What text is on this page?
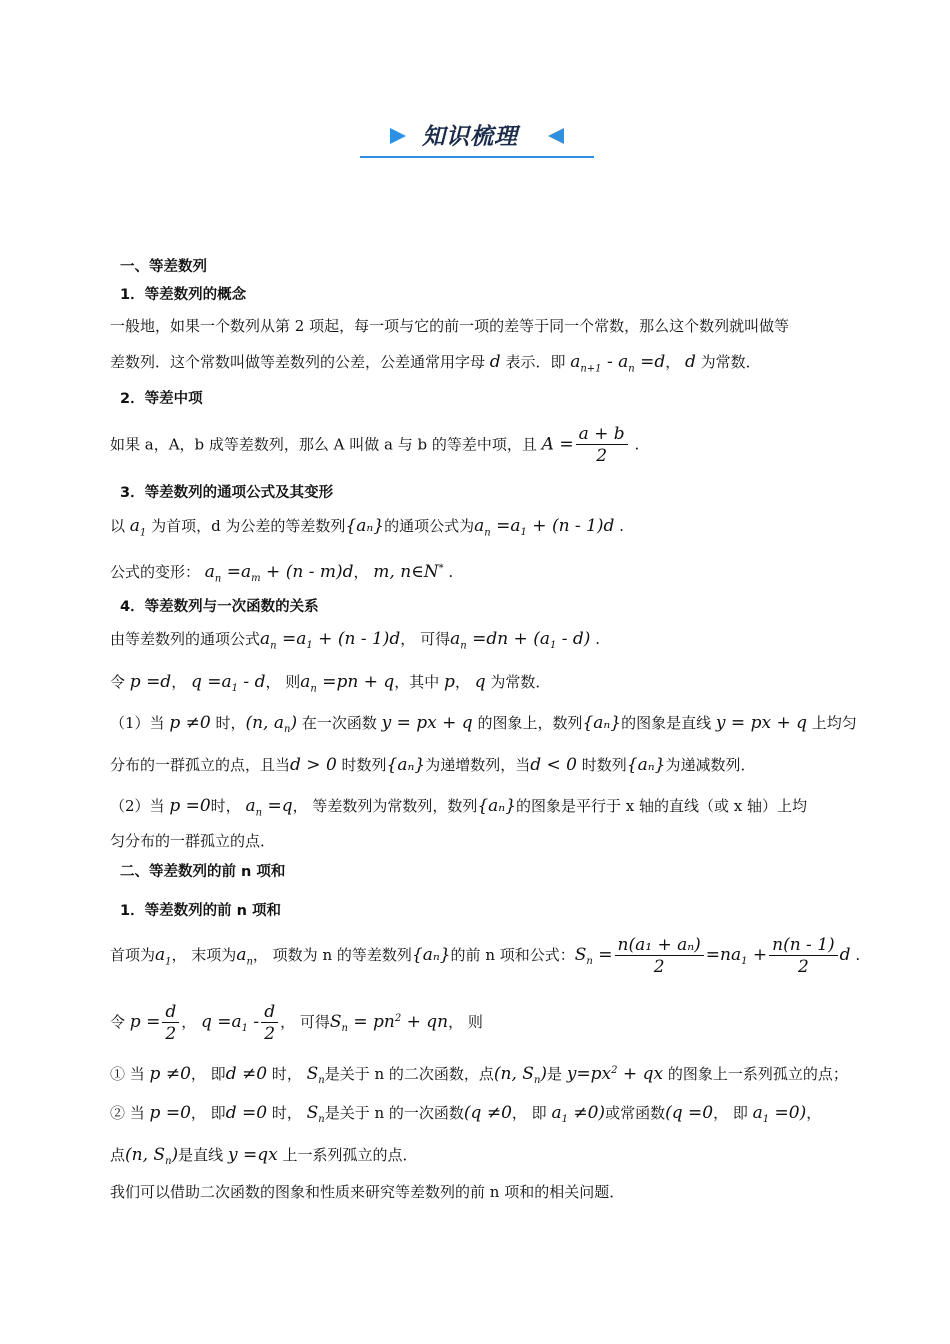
知识梳理
一、等差数列
1．等差数列的概念
一般地，如果一个数列从第 2 项起，每一项与它的前一项的差等于同一个常数，那么这个数列就叫做等
差数列．这个常数叫做等差数列的公差，公差通常用字母 d 表示．即 $a_{n+1} - a_n =d$， d 为常数．
2．等差中项
如果 a，A，b 成等差数列，那么 A 叫做 a 与 b 的等差中项，且 $A = \frac{a + b}{2}$ .
3．等差数列的通项公式及其变形
以 $a_1$ 为首项，d 为公差的等差数列{aₙ}的通项公式为$a_n =a_1 + (n - 1)d$ .
公式的变形： $a_n =a_m + (n - m)d$， m, n∈N* .
4．等差数列与一次函数的关系
由等差数列的通项公式$a_n =a_1 + (n - 1)d$， 可得$a_n =dn + (a_1 - d)$ .
令 p =d， $q =a_1 - d$， 则$a_n =pn + q$，其中 p， q 为常数．
（1）当 p ≠0 时，(n, $a_n$) 在一次函数 y = px + q 的图象上，数列{aₙ}的图象是直线 y = px + q 上均匀
分布的一群孤立的点，且当d > 0 时数列{aₙ}为递增数列，当d < 0 时数列{aₙ}为递减数列．
（2）当 p =0时， $a_n =q$， 等差数列为常数列，数列{aₙ}的图象是平行于 x 轴的直线（或 x 轴）上均
匀分布的一群孤立的点．
二、等差数列的前 n 项和
1．等差数列的前 n 项和
首项为$a_1$， 末项为$a_n$， 项数为 n 的等差数列{aₙ}的前 n 项和公式：$S_n = \frac{\text{n(a₁ + aₙ)}}{2} =na_1 + \frac{n(n - 1)}{2}$ d .
令 $p = \frac{d}{2}$ ， $q =a_1 - \frac{d}{2}$ ， 可得$S_n = pn^2$ + qn， 则
① 当 p ≠0， 即d ≠0 时， $S_n$是关于 n 的二次函数，点(n, $S_n$)是 $y=px^2$ + qx 的图象上一系列孤立的点；
② 当 p =0， 即d =0 时， $S_n$是关于 n 的一次函数(q ≠0， 即 $a_1 \ne 0$)或常函数(q =0， 即 $a_1 =0$)，
点(n, $S_n$)是直线 y =qx 上一系列孤立的点．
我们可以借助二次函数的图象和性质来研究等差数列的前 n 项和的相关问题．
